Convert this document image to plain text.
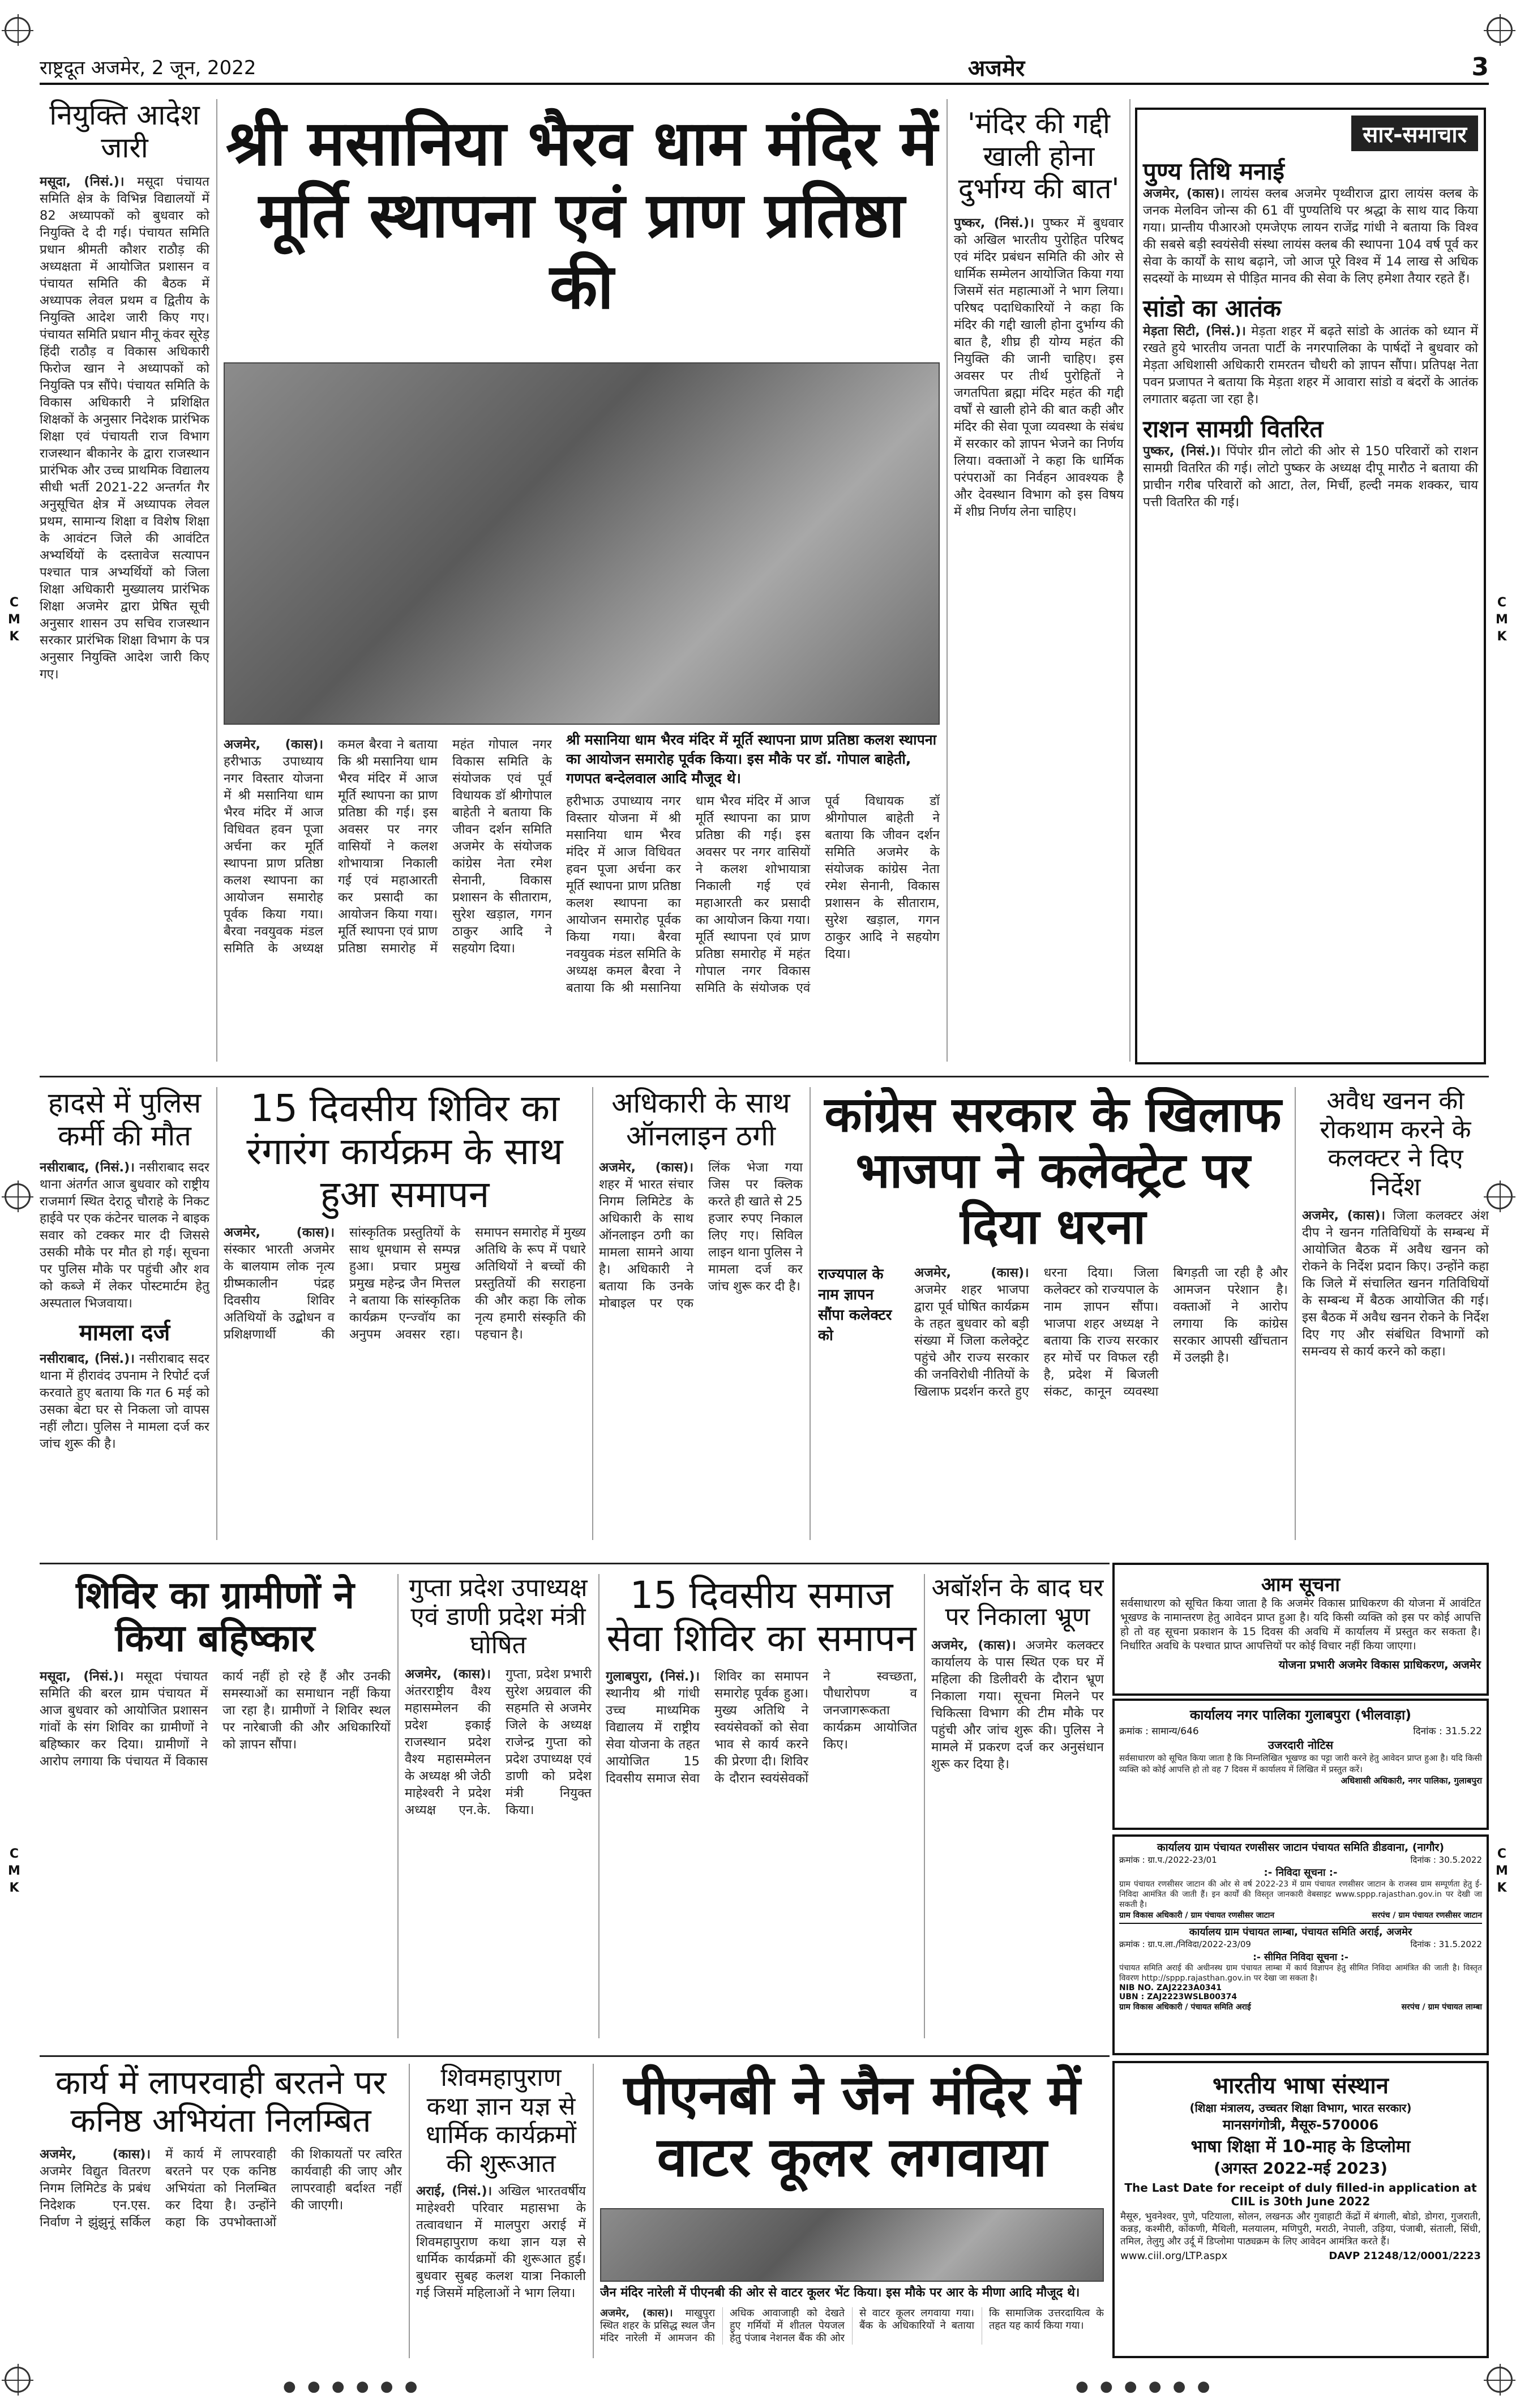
राष्ट्रदूत अजमेर, 2 जून, 2022	अजमेर	3
C
M
K
C
M
K
C
M
K
C
M
K
नियुक्ति आदेश जारी
मसूदा, (निसं.)। मसूदा पंचायत समिति क्षेत्र के विभिन्न विद्यालयों में 82 अध्यापकों को बुधवार को नियुक्ति दे दी गई। पंचायत समिति प्रधान श्रीमती कौशर राठौड़ की अध्यक्षता में आयोजित प्रशासन व पंचायत समिति की बैठक में अध्यापक लेवल प्रथम व द्वितीय के नियुक्ति आदेश जारी किए गए। पंचायत समिति प्रधान मीनू कंवर सूरेड़ हिंदी राठौड़ व विकास अधिकारी फिरोज खान ने अध्यापकों को नियुक्ति पत्र सौंपे। पंचायत समिति के विकास अधिकारी ने प्रशिक्षित शिक्षकों के अनुसार निदेशक प्रारंभिक शिक्षा एवं पंचायती राज विभाग राजस्थान बीकानेर के द्वारा राजस्थान प्रारंभिक और उच्च प्राथमिक विद्यालय सीधी भर्ती 2021-22 अन्तर्गत गैर अनुसूचित क्षेत्र में अध्यापक लेवल प्रथम, सामान्य शिक्षा व विशेष शिक्षा के आवंटन जिले की आवंटित अभ्यर्थियों के दस्तावेज सत्यापन पश्चात पात्र अभ्यर्थियों को जिला शिक्षा अधिकारी मुख्यालय प्रारंभिक शिक्षा अजमेर द्वारा प्रेषित सूची अनुसार शासन उप सचिव राजस्थान सरकार प्रारंभिक शिक्षा विभाग के पत्र अनुसार नियुक्ति आदेश जारी किए गए।
श्री मसानिया भैरव धाम मंदिर में मूर्ति स्थापना एवं प्राण प्रतिष्ठा की
श्री मसानिया धाम भैरव मंदिर में मूर्ति स्थापना प्राण प्रतिष्ठा कलश स्थापना का आयोजन समारोह पूर्वक किया। इस मौके पर डॉ. गोपाल बाहेती, गणपत बन्देलवाल आदि मौजूद थे।
अजमेर, (कास)। हरीभाऊ उपाध्याय नगर विस्तार योजना में श्री मसानिया धाम भैरव मंदिर में आज विधिवत हवन पूजा अर्चना कर मूर्ति स्थापना प्राण प्रतिष्ठा कलश स्थापना का आयोजन समारोह पूर्वक किया गया। बैरवा नवयुवक मंडल समिति के अध्यक्ष कमल बैरवा ने बताया कि श्री मसानिया धाम भैरव मंदिर में आज मूर्ति स्थापना का प्राण प्रतिष्ठा की गई। इस अवसर पर नगर वासियों ने कलश शोभायात्रा निकाली गई एवं महाआरती कर प्रसादी का आयोजन किया गया। मूर्ति स्थापना एवं प्राण प्रतिष्ठा समारोह में महंत गोपाल नगर विकास समिति के संयोजक एवं पूर्व विधायक डॉ श्रीगोपाल बाहेती ने बताया कि जीवन दर्शन समिति अजमेर के संयोजक कांग्रेस नेता रमेश सेनानी, विकास प्रशासन के सीताराम, सुरेश खड़ाल, गगन ठाकुर आदि ने सहयोग दिया।
हरीभाऊ उपाध्याय नगर विस्तार योजना में श्री मसानिया धाम भैरव मंदिर में आज विधिवत हवन पूजा अर्चना कर मूर्ति स्थापना प्राण प्रतिष्ठा कलश स्थापना का आयोजन समारोह पूर्वक किया गया। बैरवा नवयुवक मंडल समिति के अध्यक्ष कमल बैरवा ने बताया कि श्री मसानिया धाम भैरव मंदिर में आज मूर्ति स्थापना का प्राण प्रतिष्ठा की गई। इस अवसर पर नगर वासियों ने कलश शोभायात्रा निकाली गई एवं महाआरती कर प्रसादी का आयोजन किया गया। मूर्ति स्थापना एवं प्राण प्रतिष्ठा समारोह में महंत गोपाल नगर विकास समिति के संयोजक एवं पूर्व विधायक डॉ श्रीगोपाल बाहेती ने बताया कि जीवन दर्शन समिति अजमेर के संयोजक कांग्रेस नेता रमेश सेनानी, विकास प्रशासन के सीताराम, सुरेश खड़ाल, गगन ठाकुर आदि ने सहयोग दिया।
'मंदिर की गद्दी खाली होना दुर्भाग्य की बात'
पुष्कर, (निसं.)। पुष्कर में बुधवार को अखिल भारतीय पुरोहित परिषद एवं मंदिर प्रबंधन समिति की ओर से धार्मिक सम्मेलन आयोजित किया गया जिसमें संत महात्माओं ने भाग लिया। परिषद पदाधिकारियों ने कहा कि मंदिर की गद्दी खाली होना दुर्भाग्य की बात है, शीघ्र ही योग्य महंत की नियुक्ति की जानी चाहिए। इस अवसर पर तीर्थ पुरोहितों ने जगतपिता ब्रह्मा मंदिर महंत की गद्दी वर्षों से खाली होने की बात कही और मंदिर की सेवा पूजा व्यवस्था के संबंध में सरकार को ज्ञापन भेजने का निर्णय लिया। वक्ताओं ने कहा कि धार्मिक परंपराओं का निर्वहन आवश्यक है और देवस्थान विभाग को इस विषय में शीघ्र निर्णय लेना चाहिए।
सार-समाचार
पुण्य तिथि मनाई
अजमेर, (कास)। लायंस क्लब अजमेर पृथ्वीराज द्वारा लायंस क्लब के जनक मेलविन जोन्स की 61 वीं पुण्यतिथि पर श्रद्धा के साथ याद किया गया। प्रान्तीय पीआरओ एमजेएफ लायन राजेंद्र गांधी ने बताया कि विश्व की सबसे बड़ी स्वयंसेवी संस्था लायंस क्लब की स्थापना 104 वर्ष पूर्व कर सेवा के कार्यों के साथ बढ़ाने, जो आज पूरे विश्व में 14 लाख से अधिक सदस्यों के माध्यम से पीड़ित मानव की सेवा के लिए हमेशा तैयार रहते हैं।
सांडो का आतंक
मेड़ता सिटी, (निसं.)। मेड़ता शहर में बढ़ते सांडो के आतंक को ध्यान में रखते हुये भारतीय जनता पार्टी के नगरपालिका के पार्षदों ने बुधवार को मेड़ता अधिशासी अधिकारी रामरतन चौधरी को ज्ञापन सौंपा। प्रतिपक्ष नेता पवन प्रजापत ने बताया कि मेड़ता शहर में आवारा सांडो व बंदरों के आतंक लगातार बढ़ता जा रहा है।
राशन सामग्री वितरित
पुष्कर, (निसं.)। पिंपोर ग्रीन लोटो की ओर से 150 परिवारों को राशन सामग्री वितरित की गई। लोटो पुष्कर के अध्यक्ष दीपू मारौठ ने बताया की प्राचीन गरीब परिवारों को आटा, तेल, मिर्ची, हल्दी नमक शक्कर, चाय पत्ती वितरित की गई।
हादसे में पुलिस कर्मी की मौत
नसीराबाद, (निसं.)। नसीराबाद सदर थाना अंतर्गत आज बुधवार को राष्ट्रीय राजमार्ग स्थित देराठू चौराहे के निकट हाईवे पर एक कंटेनर चालक ने बाइक सवार को टक्कर मार दी जिससे उसकी मौके पर मौत हो गई। सूचना पर पुलिस मौके पर पहुंची और शव को कब्जे में लेकर पोस्टमार्टम हेतु अस्पताल भिजवाया।
मामला दर्ज
नसीराबाद, (निसं.)। नसीराबाद सदर थाना में हीरावंद उपनाम ने रिपोर्ट दर्ज करवाते हुए बताया कि गत 6 मई को उसका बेटा घर से निकला जो वापस नहीं लौटा। पुलिस ने मामला दर्ज कर जांच शुरू की है।
15 दिवसीय शिविर का रंगारंग कार्यक्रम के साथ हुआ समापन
अजमेर, (कास)। संस्कार भारती अजमेर के बालयाम लोक नृत्य ग्रीष्मकालीन पंद्रह दिवसीय शिविर अतिथियों के उद्बोधन व प्रशिक्षणार्थी की सांस्कृतिक प्रस्तुतियों के साथ धूमधाम से सम्पन्न हुआ। प्रचार प्रमुख प्रमुख महेन्द्र जैन मित्तल ने बताया कि सांस्कृतिक कार्यक्रम एन्ज्वॉय का अनुपम अवसर रहा। समापन समारोह में मुख्य अतिथि के रूप में पधारे अतिथियों ने बच्चों की प्रस्तुतियों की सराहना की और कहा कि लोक नृत्य हमारी संस्कृति की पहचान है।
अधिकारी के साथ ऑनलाइन ठगी
अजमेर, (कास)। शहर में भारत संचार निगम लिमिटेड के अधिकारी के साथ ऑनलाइन ठगी का मामला सामने आया है। अधिकारी ने बताया कि उनके मोबाइल पर एक लिंक भेजा गया जिस पर क्लिक करते ही खाते से 25 हजार रुपए निकाल लिए गए। सिविल लाइन थाना पुलिस ने मामला दर्ज कर जांच शुरू कर दी है।
कांग्रेस सरकार के खिलाफ भाजपा ने कलेक्ट्रेट पर दिया धरना
राज्यपाल के नाम ज्ञापन सौंपा कलेक्टर को
अजमेर, (कास)। अजमेर शहर भाजपा द्वारा पूर्व घोषित कार्यक्रम के तहत बुधवार को बड़ी संख्या में जिला कलेक्ट्रेट पहुंचे और राज्य सरकार की जनविरोधी नीतियों के खिलाफ प्रदर्शन करते हुए धरना दिया। जिला कलेक्टर को राज्यपाल के नाम ज्ञापन सौंपा। भाजपा शहर अध्यक्ष ने बताया कि राज्य सरकार हर मोर्चे पर विफल रही है, प्रदेश में बिजली संकट, कानून व्यवस्था बिगड़ती जा रही है और आमजन परेशान है। वक्ताओं ने आरोप लगाया कि कांग्रेस सरकार आपसी खींचतान में उलझी है।
अवैध खनन की रोकथाम करने के कलक्टर ने दिए निर्देश
अजमेर, (कास)। जिला कलक्टर अंश दीप ने खनन गतिविधियों के सम्बन्ध में आयोजित बैठक में अवैध खनन को रोकने के निर्देश प्रदान किए। उन्होंने कहा कि जिले में संचालित खनन गतिविधियों के सम्बन्ध में बैठक आयोजित की गई। इस बैठक में अवैध खनन रोकने के निर्देश दिए गए और संबंधित विभागों को समन्वय से कार्य करने को कहा।
आम सूचना
सर्वसाधारण को सूचित किया जाता है कि अजमेर विकास प्राधिकरण की योजना में आवंटित भूखण्ड के नामान्तरण हेतु आवेदन प्राप्त हुआ है। यदि किसी व्यक्ति को इस पर कोई आपत्ति हो तो वह सूचना प्रकाशन के 15 दिवस की अवधि में कार्यालय में प्रस्तुत कर सकता है। निर्धारित अवधि के पश्चात प्राप्त आपत्तियों पर कोई विचार नहीं किया जाएगा।
योजना प्रभारी अजमेर विकास प्राधिकरण, अजमेर
शिविर का ग्रामीणों ने किया बहिष्कार
मसूदा, (निसं.)। मसूदा पंचायत समिति की बरल ग्राम पंचायत में आज बुधवार को आयोजित प्रशासन गांवों के संग शिविर का ग्रामीणों ने बहिष्कार कर दिया। ग्रामीणों ने आरोप लगाया कि पंचायत में विकास कार्य नहीं हो रहे हैं और उनकी समस्याओं का समाधान नहीं किया जा रहा है। ग्रामीणों ने शिविर स्थल पर नारेबाजी की और अधिकारियों को ज्ञापन सौंपा।
गुप्ता प्रदेश उपाध्यक्ष एवं डाणी प्रदेश मंत्री घोषित
अजमेर, (कास)। अंतरराष्ट्रीय वैश्य महासम्मेलन की प्रदेश इकाई राजस्थान प्रदेश वैश्य महासम्मेलन के अध्यक्ष श्री जेठी माहेश्वरी ने प्रदेश अध्यक्ष एन.के. गुप्ता, प्रदेश प्रभारी सुरेश अग्रवाल की सहमति से अजमेर जिले के अध्यक्ष राजेन्द्र गुप्ता को प्रदेश उपाध्यक्ष एवं डाणी को प्रदेश मंत्री नियुक्त किया।
15 दिवसीय समाज सेवा शिविर का समापन
गुलाबपुरा, (निसं.)। स्थानीय श्री गांधी उच्च माध्यमिक विद्यालय में राष्ट्रीय सेवा योजना के तहत आयोजित 15 दिवसीय समाज सेवा शिविर का समापन समारोह पूर्वक हुआ। मुख्य अतिथि ने स्वयंसेवकों को सेवा भाव से कार्य करने की प्रेरणा दी। शिविर के दौरान स्वयंसेवकों ने स्वच्छता, पौधारोपण व जनजागरूकता कार्यक्रम आयोजित किए।
अबॉर्शन के बाद घर पर निकाला भ्रूण
अजमेर, (कास)। अजमेर कलक्टर कार्यालय के पास स्थित एक घर में महिला की डिलीवरी के दौरान भ्रूण निकाला गया। सूचना मिलने पर चिकित्सा विभाग की टीम मौके पर पहुंची और जांच शुरू की। पुलिस ने मामले में प्रकरण दर्ज कर अनुसंधान शुरू कर दिया है।
कार्य में लापरवाही बरतने पर कनिष्ठ अभियंता निलम्बित
अजमेर, (कास)। अजमेर विद्युत वितरण निगम लिमिटेड के प्रबंध निदेशक एन.एस. निर्वाण ने झुंझुनूं सर्किल में कार्य में लापरवाही बरतने पर एक कनिष्ठ अभियंता को निलम्बित कर दिया है। उन्होंने कहा कि उपभोक्ताओं की शिकायतों पर त्वरित कार्यवाही की जाए और लापरवाही बर्दाश्त नहीं की जाएगी।
शिवमहापुराण कथा ज्ञान यज्ञ से धार्मिक कार्यक्रमों की शुरूआत
अराई, (निसं.)। अखिल भारतवर्षीय माहेश्वरी परिवार महासभा के तत्वावधान में मालपुरा अराई में शिवमहापुराण कथा ज्ञान यज्ञ से धार्मिक कार्यक्रमों की शुरूआत हुई। बुधवार सुबह कलश यात्रा निकाली गई जिसमें महिलाओं ने भाग लिया।
पीएनबी ने जैन मंदिर में वाटर कूलर लगवाया
जैन मंदिर नारेली में पीएनबी की ओर से वाटर कूलर भेंट किया। इस मौके पर आर के मीणा आदि मौजूद थे।
अजमेर, (कास)। माखुपुरा स्थित शहर के प्रसिद्ध स्थल जैन मंदिर नारेली में आमजन की अधिक आवाजाही को देखते हुए गर्मियों में शीतल पेयजल हेतु पंजाब नेशनल बैंक की ओर से वाटर कूलर लगवाया गया। बैंक के अधिकारियों ने बताया कि सामाजिक उत्तरदायित्व के तहत यह कार्य किया गया।
भारतीय भाषा संस्थान
(शिक्षा मंत्रालय, उच्चतर शिक्षा विभाग, भारत सरकार)
मानसगंगोत्री, मैसूरु-570006
भाषा शिक्षा में 10-माह के डिप्लोमा
(अगस्त 2022-मई 2023)
The Last Date for receipt of duly filled-in application at CIIL is 30th June 2022
मैसूरु, भुवनेश्वर, पुणे, पटियाला, सोलन, लखनऊ और गुवाहाटी केंद्रों में बंगाली, बोडो, डोगरा, गुजराती, कन्नड़, कश्मीरी, कोंकणी, मैथिली, मलयालम, मणिपुरी, मराठी, नेपाली, उड़िया, पंजाबी, संताली, सिंधी, तमिल, तेलुगु और उर्दू में डिप्लोमा पाठ्यक्रम के लिए आवेदन आमंत्रित करते हैं।
www.ciil.org/LTP.aspx	DAVP 21248/12/0001/2223
● ● ● ● ● ●	● ● ● ● ● ●
कार्यालय ग्राम पंचायत रणसीसर जाटान पंचायत समिति डीडवाना, (नागौर)
क्रमांक : ग्रा.प./2022-23/01	दिनांक : 30.5.2022
:- निविदा सूचना :-
ग्राम पंचायत रणसीसर जाटान की ओर से वर्ष 2022-23 में ग्राम पंचायत रणसीसर जाटान के राजस्व ग्राम सम्पूर्णता हेतु ई-निविदा आमंत्रित की जाती हैं। इन कार्यों की विस्तृत जानकारी वेबसाइट www.sppp.rajasthan.gov.in पर देखी जा सकती है।
ग्राम विकास अधिकारी / ग्राम पंचायत रणसीसर जाटान	सरपंच / ग्राम पंचायत रणसीसर जाटान
कार्यालय ग्राम पंचायत लाम्बा, पंचायत समिति अराई, अजमेर
क्रमांक : ग्रा.प.ला./निविदा/2022-23/09	दिनांक : 31.5.2022
:- सीमित निविदा सूचना :-
पंचायत समिति अराई की अधीनस्थ ग्राम पंचायत लाम्बा में कार्य विज्ञापन हेतु सीमित निविदा आमंत्रित की जाती है। विस्तृत विवरण http://sppp.rajasthan.gov.in पर देखा जा सकता है।
NIB NO. ZAJ2223A0341
UBN : ZAJ2223WSLB00374
ग्राम विकास अधिकारी / पंचायत समिति अराई	सरपंच / ग्राम पंचायत लाम्बा
कार्यालय नगर पालिका गुलाबपुरा (भीलवाड़ा)
क्रमांक : सामान्य/646	दिनांक : 31.5.22
उजरदारी नोटिस
सर्वसाधारण को सूचित किया जाता है कि निम्नलिखित भूखण्ड का पट्टा जारी करने हेतु आवेदन प्राप्त हुआ है। यदि किसी व्यक्ति को कोई आपत्ति हो तो वह 7 दिवस में कार्यालय में लिखित में प्रस्तुत करें।
अधिशासी अधिकारी, नगर पालिका, गुलाबपुरा
